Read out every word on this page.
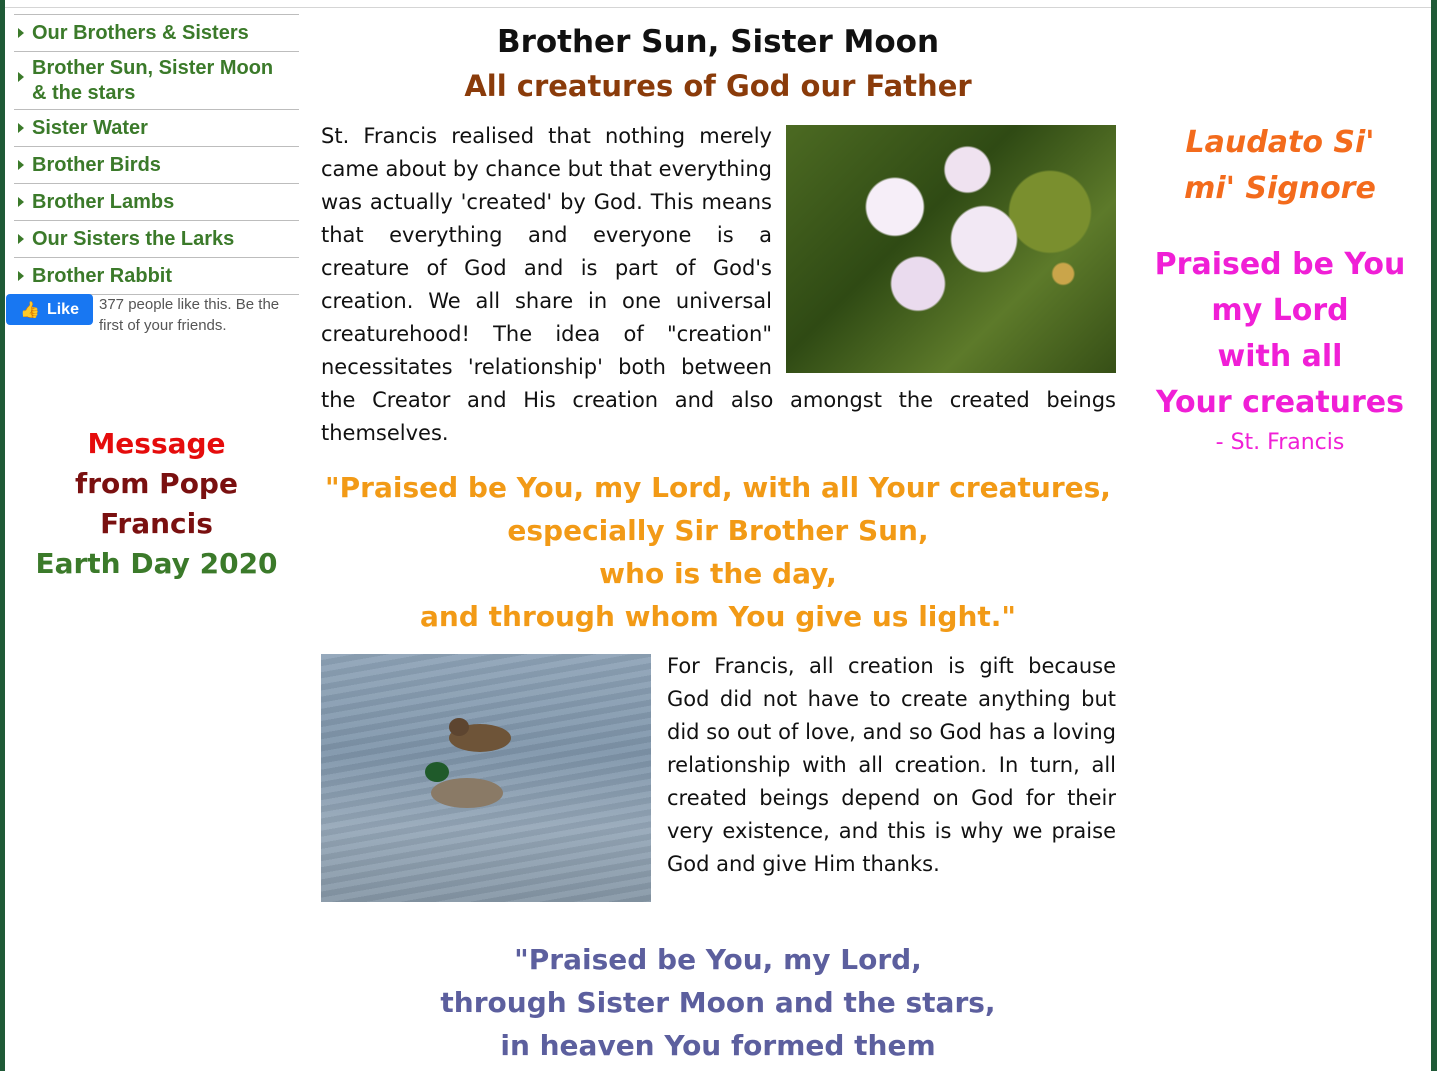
Our Brothers & Sisters
Brother Sun, Sister Moon
& the stars
Sister Water
Brother Birds
Brother Lambs
Our Sisters the Larks
Brother Rabbit
👍 Like 377 people like this. Be the first of your friends.
Message
from Pope Francis
Earth Day 2020
Brother Sun, Sister Moon
All creatures of God our Father

St. Francis realised that nothing merely came about by chance but that everything was actually 'created' by God. This means that everything and everyone is a creature of God and is part of God's creation. We all share in one universal creaturehood! The idea of "creation" necessitates 'relationship' both between the Creator and His creation and also amongst the created beings themselves.

"Praised be You, my Lord, with all Your creatures,
especially Sir Brother Sun,
who is the day,
and through whom You give us light."

For Francis, all creation is gift because God did not have to create anything but did so out of love, and so God has a loving relationship with all creation. In turn, all created beings depend on God for their very existence, and this is why we praise God and give Him thanks.

"Praised be You, my Lord,
through Sister Moon and the stars,
in heaven You formed them
Laudato Si'
mi' Signore
Praised be You
my Lord
with all
Your creatures
- St. Francis
